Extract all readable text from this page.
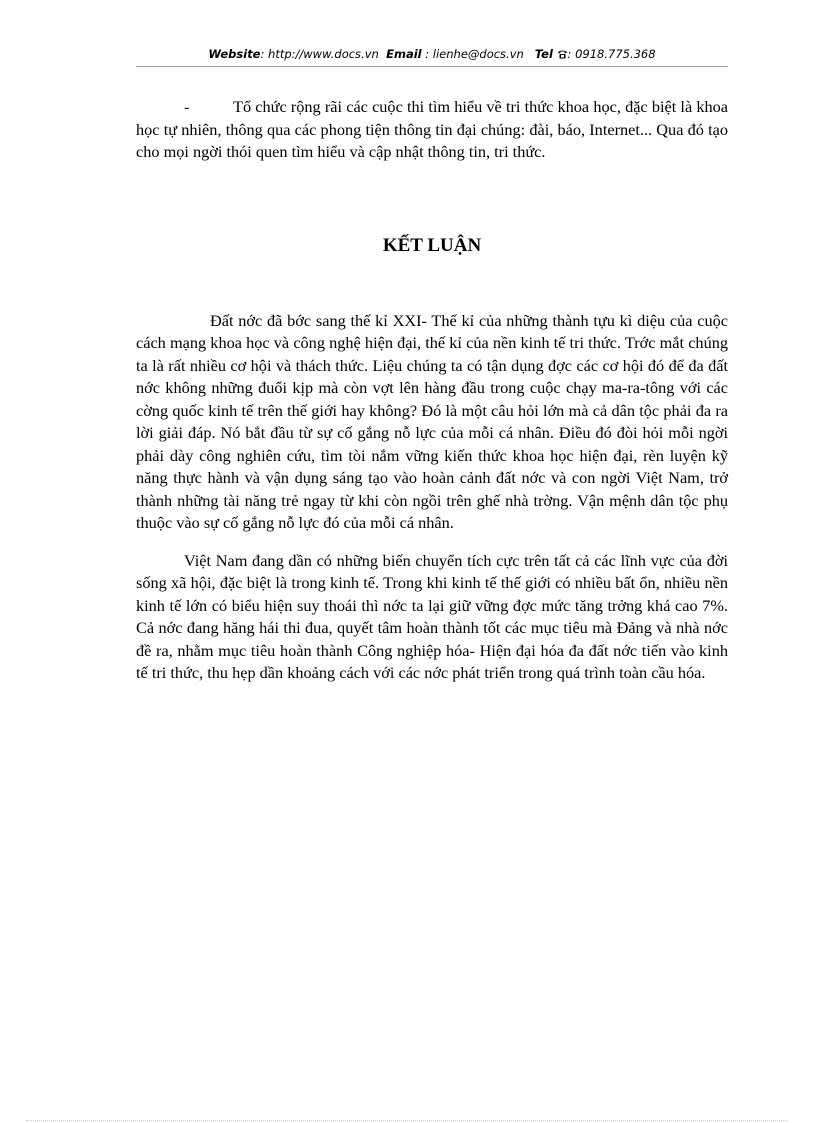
Website: http://www.docs.vn Email : lienhe@docs.vn Tel : 0918.775.368

-	Tổ chức rộng rãi các cuộc thi tìm hiểu về tri thức khoa học, đặc biệt là khoa học tự nhiên, thông qua các phong tiện thông tin đại chúng: đài, báo, Internet... Qua đó tạo cho mọi ngời thói quen tìm hiểu và cập nhật thông tin, tri thức.

KẾT LUẬN

Đất nớc đã bớc sang thế kỉ XXI- Thế kỉ của những thành tựu kì diệu của cuộc cách mạng khoa học và công nghệ hiện đại, thế kỉ của nền kinh tế tri thức. Trớc mắt chúng ta là rất nhiều cơ hội và thách thức. Liệu chúng ta có tận dụng đợc các cơ hội đó để đa đất nớc không những đuổi kịp mà còn vợt lên hàng đầu trong cuộc chạy ma-ra-tông với các cờng quốc kinh tế trên thế giới hay không? Đó là một câu hỏi lớn mà cả dân tộc phải đa ra lời giải đáp. Nó bắt đầu từ sự cố gắng nỗ lực của mỗi cá nhân. Điều đó đòi hỏi mỗi ngời phải dày công nghiên cứu, tìm tòi nắm vững kiến thức khoa học hiện đại, rèn luyện kỹ năng thực hành và vận dụng sáng tạo vào hoàn cảnh đất nớc và con ngời Việt Nam, trở thành những tài năng trẻ ngay từ khi còn ngồi trên ghế nhà trờng. Vận mệnh dân tộc phụ thuộc vào sự cố gắng nỗ lực đó của mỗi cá nhân.

Việt Nam đang dần có những biến chuyển tích cực trên tất cả các lĩnh vực của đời sống xã hội, đặc biệt là trong kinh tế. Trong khi kinh tế thế giới có nhiều bất ổn, nhiều nền kinh tế lớn có biểu hiện suy thoái thì nớc ta lại giữ vững đợc mức tăng trởng khá cao 7%. Cả nớc đang hăng hái thi đua, quyết tâm hoàn thành tốt các mục tiêu mà Đảng và nhà nớc đề ra, nhằm mục tiêu hoàn thành Công nghiệp hóa- Hiện đại hóa đa đất nớc tiến vào kinh tế tri thức, thu hẹp dần khoảng cách với các nớc phát triển trong quá trình toàn cầu hóa.
